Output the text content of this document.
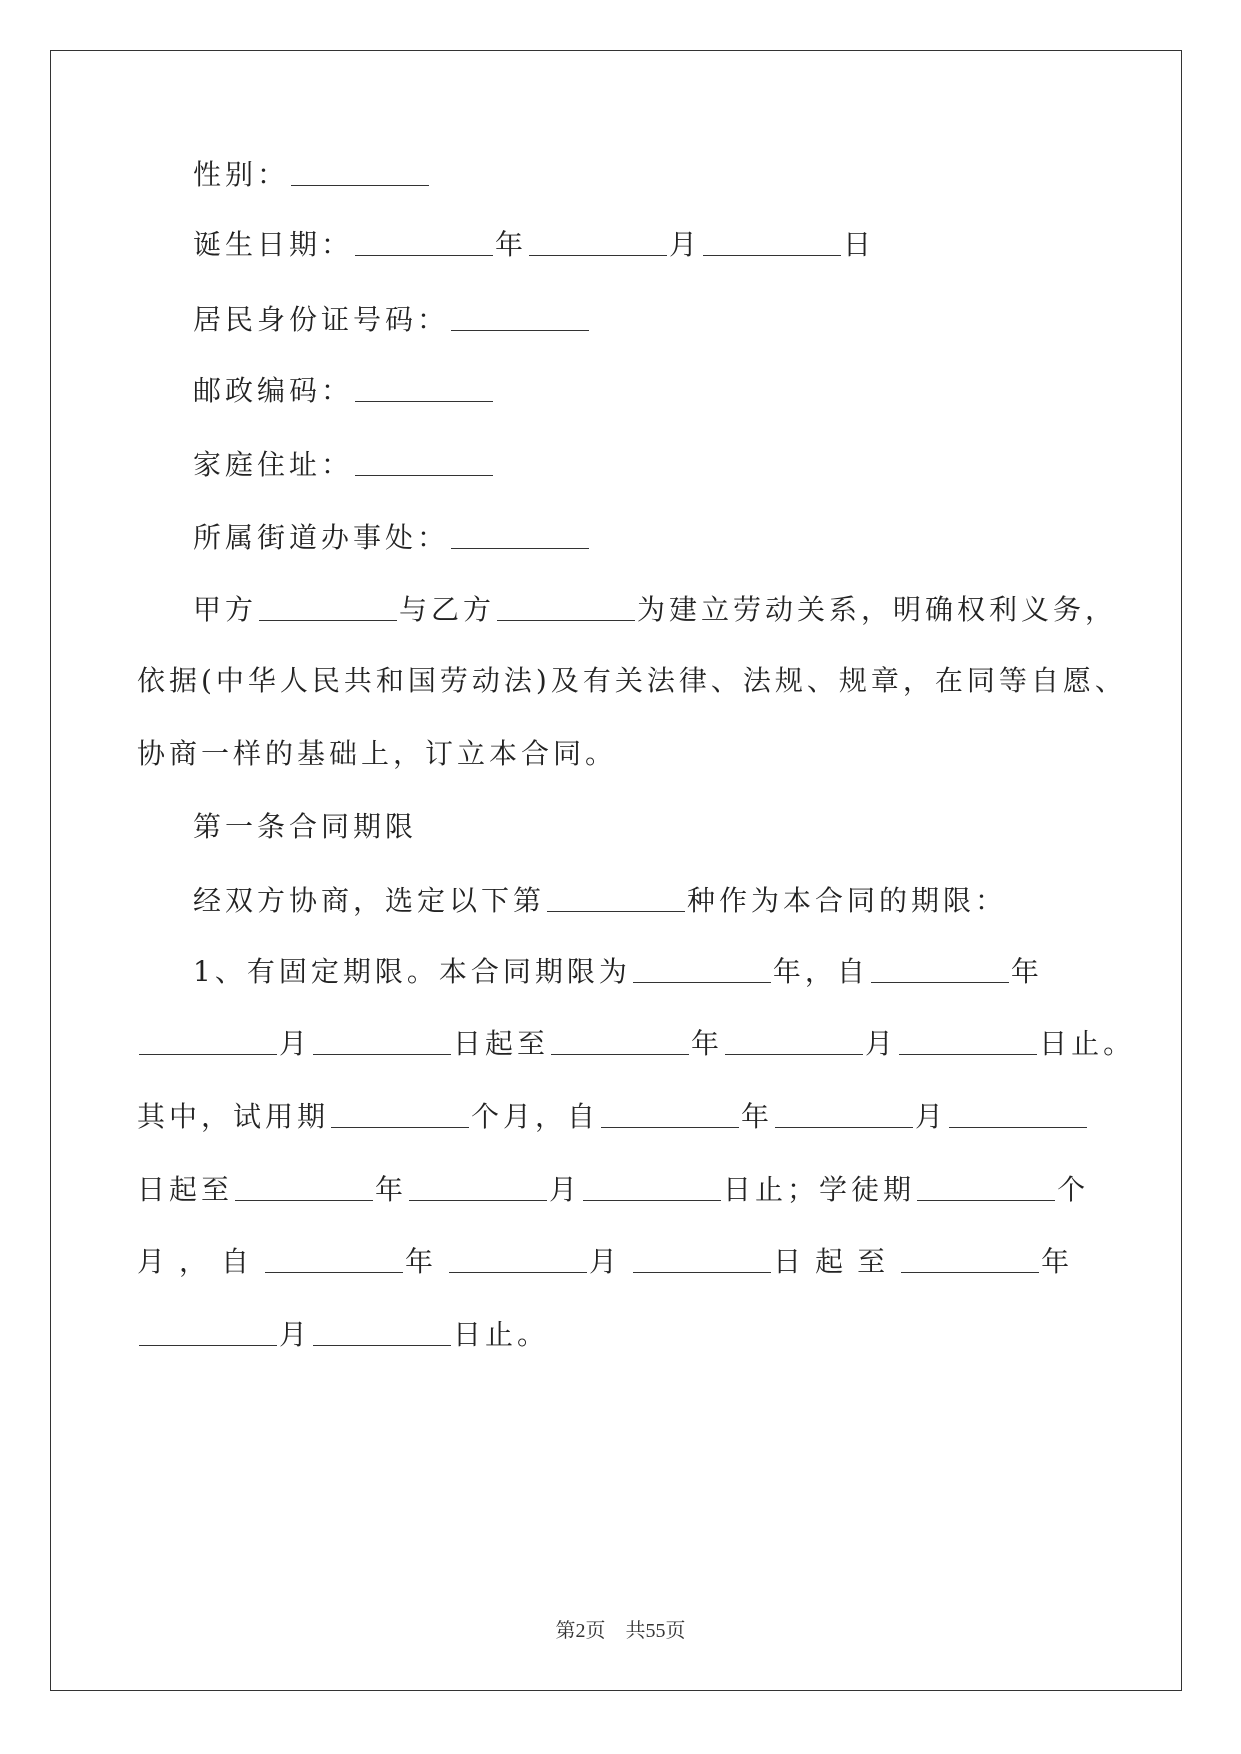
性别：
诞生日期：	年	月	日
居民身份证号码：
邮政编码：
家庭住址：
所属街道办事处：
甲方	与乙方	为建立劳动关系，明确权利义务，
依据(中华人民共和国劳动法)及有关法律、法规、规章，在同等自愿、
协商一样的基础上，订立本合同。
第一条合同期限
经双方协商，选定以下第	种作为本合同的期限：
1、有固定期限。本合同期限为	年，自	年
月	日起至	年	月	日止。
其中，试用期	个月，自	年	月
日起至	年	月	日止；学徒期	个
月，自	年	月	日起至	年
月	日止。
第2页　共55页
